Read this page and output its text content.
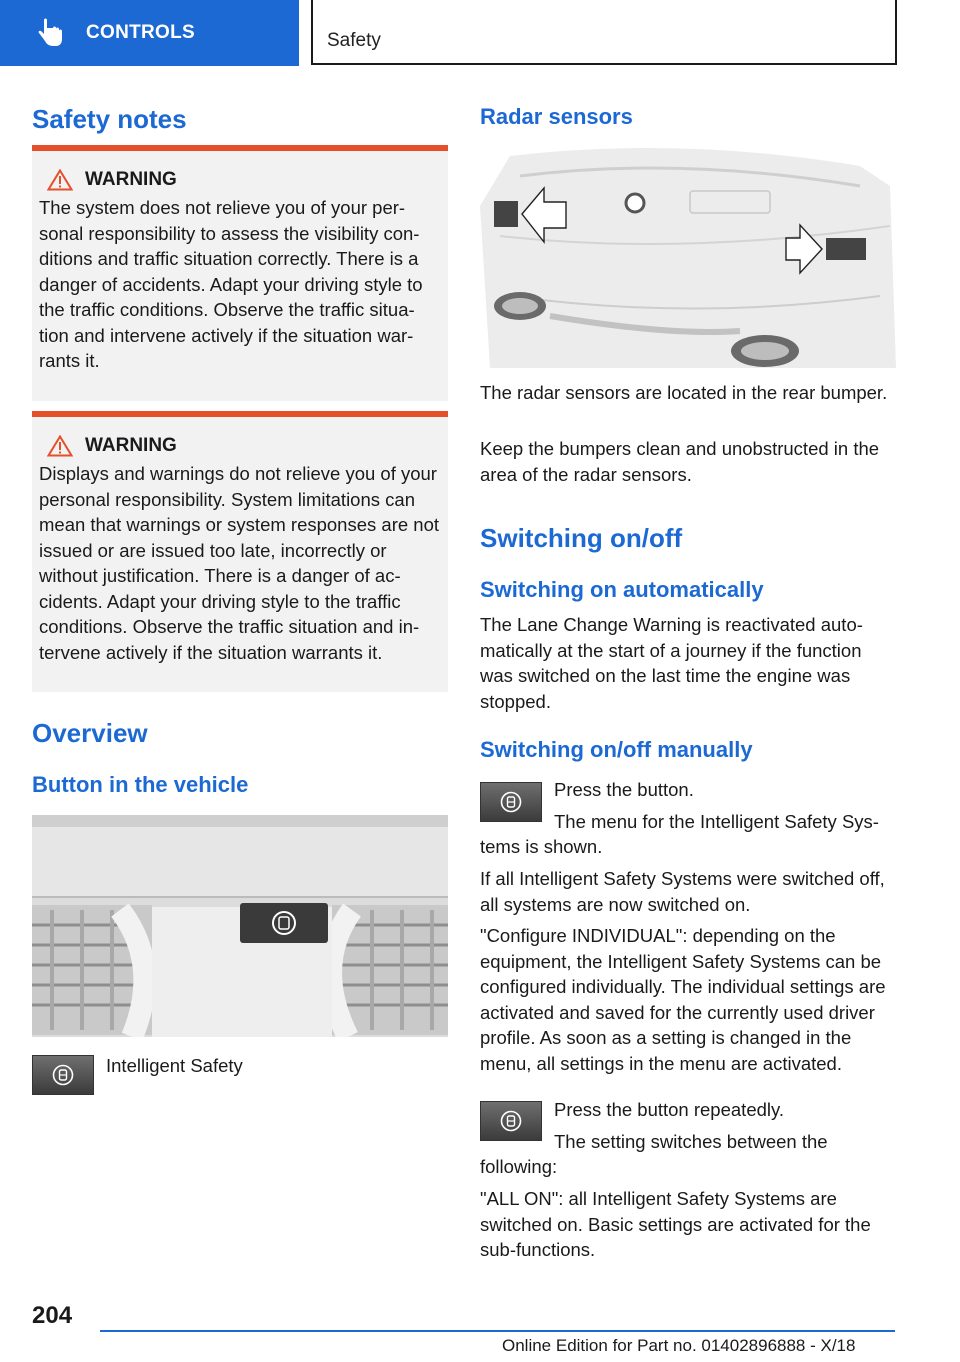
CONTROLS	Safety
Safety notes
WARNING

The system does not relieve you of your per-sonal responsibility to assess the visibility con-ditions and traffic situation correctly. There is a danger of accidents. Adapt your driving style to the traffic conditions. Observe the traffic situa-tion and intervene actively if the situation war-rants it.

WARNING

Displays and warnings do not relieve you of your personal responsibility. System limitations can mean that warnings or system responses are not issued or are issued too late, incorrectly or without justification. There is a danger of ac-cidents. Adapt your driving style to the traffic conditions. Observe the traffic situation and in-tervene actively if the situation warrants it.

Overview
Button in the vehicle

Intelligent Safety

Radar sensors

The radar sensors are located in the rear bumper.

Keep the bumpers clean and unobstructed in the area of the radar sensors.

Switching on/off
Switching on automatically

The Lane Change Warning is reactivated auto-matically at the start of a journey if the function was switched on the last time the engine was stopped.

Switching on/off manually

Press the button.

The menu for the Intelligent Safety Sys-

tems is shown.

If all Intelligent Safety Systems were switched off, all systems are now switched on.

"Configure INDIVIDUAL": depending on the equipment, the Intelligent Safety Systems can be configured individually. The individual settings are activated and saved for the currently used driver profile. As soon as a setting is changed in the menu, all settings in the menu are activated.

Press the button repeatedly.

The setting switches between the

following:

"ALL ON": all Intelligent Safety Systems are switched on. Basic settings are activated for the sub-functions.

204
Online Edition for Part no. 01402896888 - X/18
